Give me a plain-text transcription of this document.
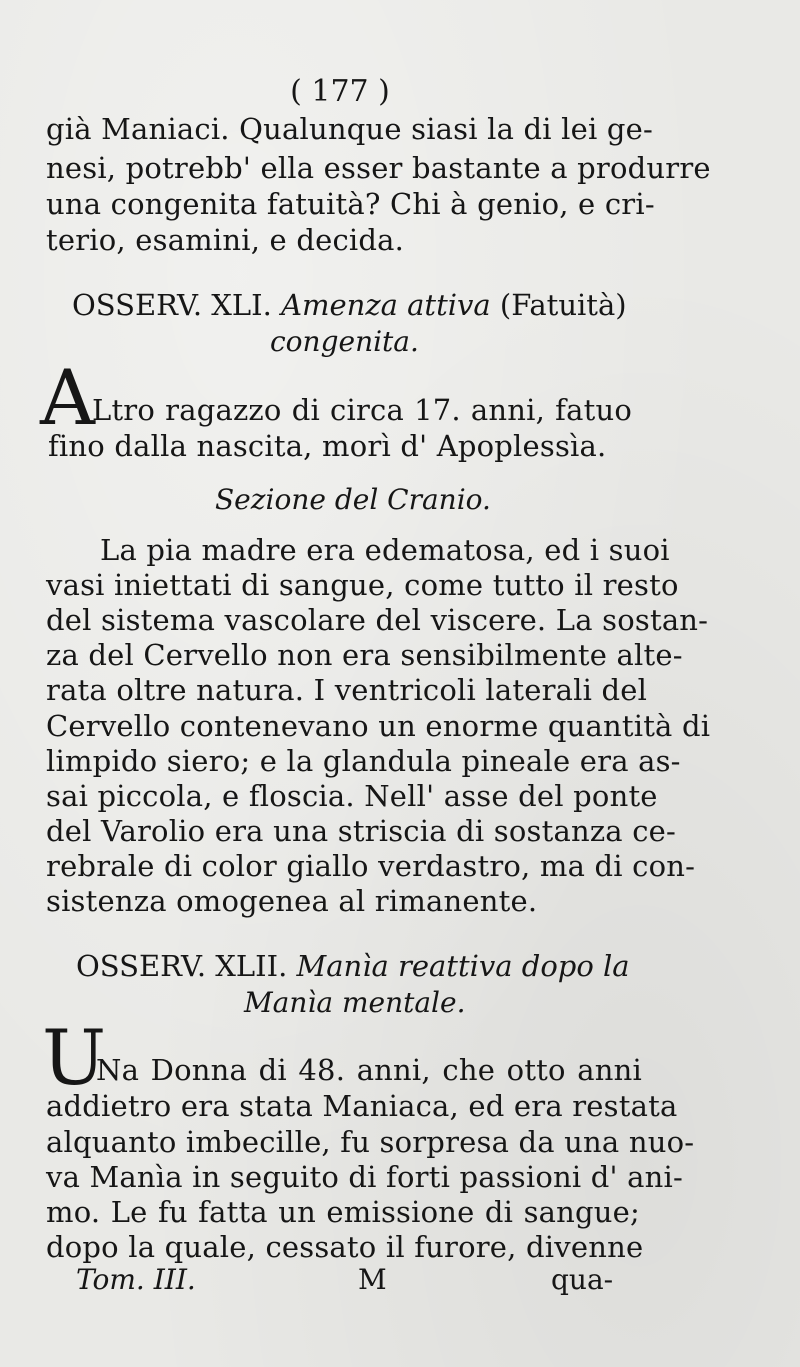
( 177 )
già Maniaci. Qualunque siasi la di lei ge-
nesi, potrebb' ella esser bastante a produrre
una congenita fatuità? Chi à genio, e cri-
terio, esamini, e decida.
OSSERV. XLI. Amenza attiva (Fatuità)
congenita.
A
Ltro ragazzo di circa 17. anni, fatuo
fino dalla nascita, morì d' Apoplessìa.
Sezione del Cranio.
La pia madre era edematosa, ed i suoi
vasi iniettati di sangue, come tutto il resto
del sistema vascolare del viscere. La sostan-
za del Cervello non era sensibilmente alte-
rata oltre natura. I ventricoli laterali del
Cervello contenevano un enorme quantità di
limpido siero; e la glandula pineale era as-
sai piccola, e floscia. Nell' asse del ponte
del Varolio era una striscia di sostanza ce-
rebrale di color giallo verdastro, ma di con-
sistenza omogenea al rimanente.
OSSERV. XLII. Manìa reattiva dopo la
Manìa mentale.
U
Na Donna di 48. anni, che otto anni
addietro era stata Maniaca, ed era restata
alquanto imbecille, fu sorpresa da una nuo-
va Manìa in seguito di forti passioni d' ani-
mo. Le fu fatta un emissione di sangue;
dopo la quale, cessato il furore, divenne
Tom. III.	M	qua-
